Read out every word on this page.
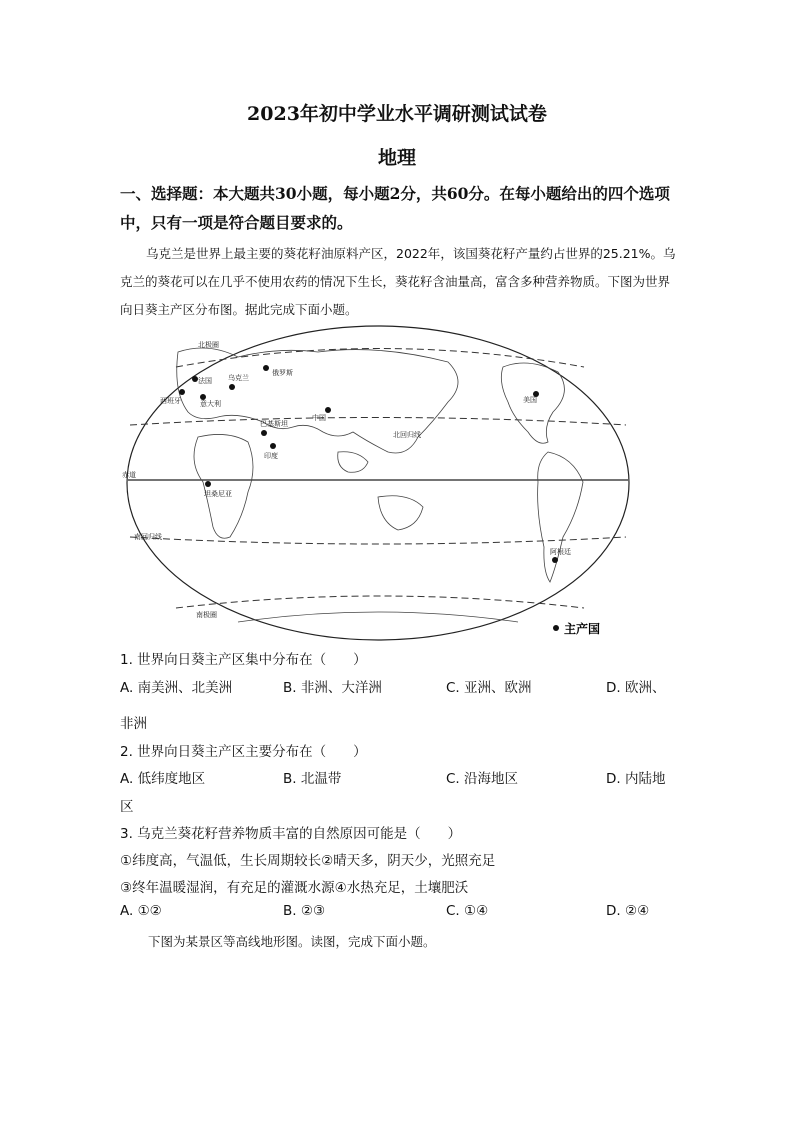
2023年初中学业水平调研测试试卷
地理
一、选择题：本大题共30小题，每小题2分，共60分。在每小题给出的四个选项中，只有一项是符合题目要求的。
乌克兰是世界上最主要的葵花籽油原料产区，2022年，该国葵花籽产量约占世界的25.21%。乌克兰的葵花可以在几乎不使用农药的情况下生长，葵花籽含油量高，富含多种营养物质。下图为世界向日葵主产区分布图。据此完成下面小题。
北极圈
北回归线
赤道
南回归线
南极圈
俄罗斯
法国 乌克兰
西班牙	意大利
巴基斯坦
中国
印度
坦桑尼亚
美国
阿根廷
主产国
1. 世界向日葵主产区集中分布在（　　）
A. 南美洲、北美洲	B. 非洲、大洋洲	C. 亚洲、欧洲	D. 欧洲、
非洲
2. 世界向日葵主产区主要分布在（　　）
A. 低纬度地区	B. 北温带	C. 沿海地区	D. 内陆地
区
3. 乌克兰葵花籽营养物质丰富的自然原因可能是（　　）
①纬度高，气温低，生长周期较长②晴天多，阴天少，光照充足
③终年温暖湿润，有充足的灌溉水源④水热充足，土壤肥沃
A. ①②	B. ②③	C. ①④	D. ②④
下图为某景区等高线地形图。读图，完成下面小题。
